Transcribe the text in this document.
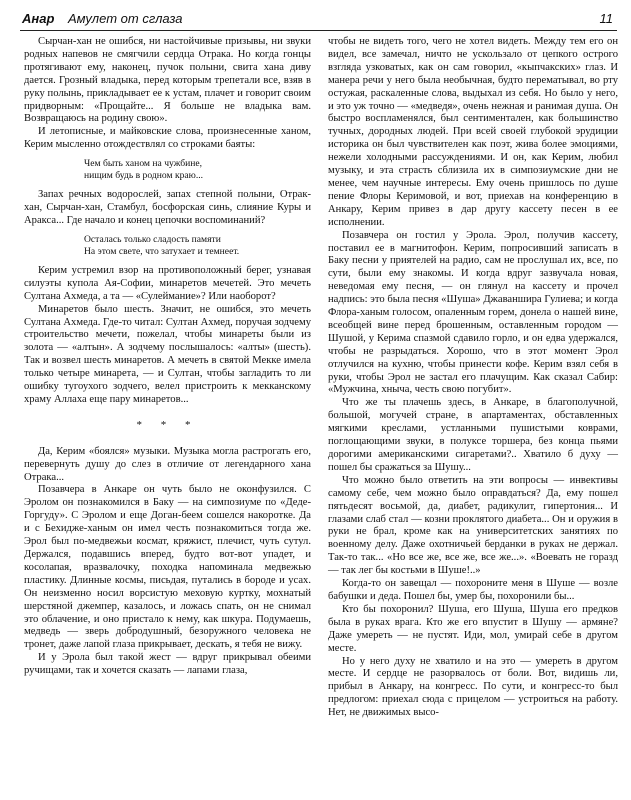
Анар Амулет от сглаза	11

Сырчан-хан не ошибся, ни настойчивые призывы, ни звуки родных напевов не смягчили сердца Отрака. Но когда гонцы протягивают ему, наконец, пучок полыни, свита хана диву дается. Грозный владыка, перед которым трепетали все, взяв в руку полынь, прикладывает ее к устам, плачет и говорит своим придворным: «Прощайте... Я больше не владыка вам. Возвращаюсь на родину свою».

И летописные, и майковские слова, произнесенные ханом, Керим мысленно отождествлял со строками баяты:

Чем быть ханом на чужбине,
нищим будь в родном краю...

Запах речных водорослей, запах степной полыни, Отрак-хан, Сырчан-хан, Стамбул, босфорская синь, слияние Куры и Аракса... Где начало и конец цепочки воспоминаний?

Осталась только сладость памяти
На этом свете, что затухает и темнеет.

Керим устремил взор на противоположный берег, узнавая силуэты купола Ая-Софии, минаретов мечетей. Это мечеть Султана Ахмеда, а та — «Сулеймание»? Или наоборот?

Минаретов было шесть. Значит, не ошибся, это мечеть Султана Ахмеда. Где-то читал: Султан Ахмед, поручая зодчему строительство мечети, пожелал, чтобы минареты были из золота — «алтын». А зодчему послышалось: «алты» (шесть). Так и возвел шесть минаретов. А мечеть в святой Мекке имела только четыре минарета, — и Султан, чтобы загладить то ли ошибку тугоухого зодчего, велел пристроить к мекканскому храму Аллаха еще пару минаретов...

* * *

Да, Керим «боялся» музыки. Музыка могла растрогать его, перевернуть душу до слез в отличие от легендарного хана Отрака...

Позавчера в Анкаре он чуть было не оконфузился. С Эролом он познакомился в Баку — на симпозиуме по «Деде-Горгуду». С Эролом и еще Доган-беем сошелся накоротке. Да и с Бехидже-ханым он имел честь познакомиться тогда же. Эрол был по-медвежьи космат, кряжист, плечист, чуть сутул. Держался, подавшись вперед, будто вот-вот упадет, и косолапая, вразвалочку, походка напоминала медвежью пластику. Длинные космы, письдая, путались в бороде и усах. Он неизменно носил ворсистую меховую куртку, мохнатый шерстяной джемпер, казалось, и ложась спать, он не снимал это облачение, и оно пристало к нему, как шкура. Подумаешь, медведь — зверь добродушный, безоружного человека не тронет, даже лапой глаза прикрывает, дескать, я тебя не вижу.

И у Эрола был такой жест — вдруг прикрывал обеими ручищами, так и хочется сказать — лапами глаза,

чтобы не видеть того, чего не хотел видеть. Между тем его он видел, все замечал, ничто не ускользало от цепкого острого взгляда узковатых, как он сам говорил, «кыпчакских» глаз. И манера речи у него была необычная, будто перематывал, во рту остужая, раскаленные слова, выдыхал из себя. Но было у него, и это уж точно — «медведя», очень нежная и ранимая душа. Он быстро воспламенялся, был сентиментален, как большинство тучных, дородных людей. При всей своей глубокой эрудиции историка он был чувствителен как поэт, жива более эмоциями, нежели холодными рассуждениями. И он, как Керим, любил музыку, и эта страсть сблизила их в симпозиумские дни не менее, чем научные интересы. Ему очень пришлось по душе пение Флоры Керимовой, и вот, приехав на конференцию в Анкару, Керим привез в дар другу кассету песен в ее исполнении.

Позавчера он гостил у Эрола. Эрол, получив кассету, поставил ее в магнитофон. Керим, попросивший записать в Баку песни у приятелей на радио, сам не прослушал их, все, по сути, были ему знакомы. И когда вдруг зазвучала новая, неведомая ему песня, — он глянул на кассету и прочел надпись: это была песня «Шуша» Джаваншира Гулиева; и когда Флора-ханым голосом, опаленным горем, донела о нашей вине, всеобщей вине перед брошенным, оставленным городом — Шушой, у Керима спазмой сдавило горло, и он едва удержался, чтобы не разрыдаться. Хорошо, что в этот момент Эрол отлучился на кухню, чтобы принести кофе. Керим взял себя в руки, чтобы Эрол не застал его плачущим. Как сказал Сабир: «Мужчина, хныча, честь свою погубит».

Что же ты плачешь здесь, в Анкаре, в благополучной, большой, могучей стране, в апартаментах, обставленных мягкими креслами, устланными пушистыми коврами, поглощающими звуки, в полуксе торшера, без конца пьями дорогими американскими сигаретами?.. Хватило б духу — пошел бы сражаться за Шушу...

Что можно было ответить на эти вопросы — инвективы самому себе, чем можно было оправдаться? Да, ему пошел пятьдесят восьмой, да, диабет, радикулит, гипертония... И глазами слаб стал — козни проклятого диабета... Он и оружия в руки не брал, кроме как на университетских занятиях по военному делу. Даже охотничьей берданки в руках не держал. Так-то так... «Но все же, все же, все же...». «Воевать не горазд — так лег бы костьми в Шуше!..»

Когда-то он завещал — похороните меня в Шуше — возле бабушки и деда. Пошел бы, умер бы, похоронили бы...

Кто бы похоронил? Шуша, его Шуша, Шуша его предков была в руках врага. Кто же его впустит в Шушу — армяне? Даже умереть — не пустят. Иди, мол, умирай себе в другом месте.

Но у него духу не хватило и на это — умереть в другом месте. И сердце не разорвалось от боли. Вот, видишь ли, прибыл в Анкару, на конгресс. По сути, и конгресс-то был предлогом: приехал сюда с прицелом — устроиться на работу. Нет, не движимых высо-
